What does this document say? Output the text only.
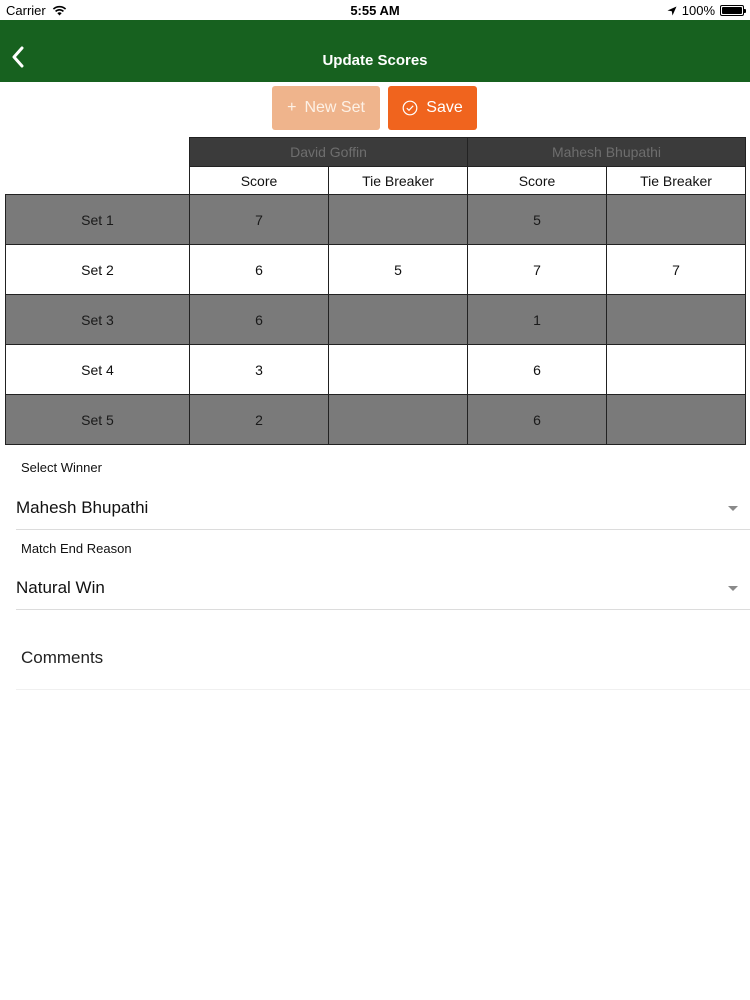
Carrier	5:55 AM	100%
Update Scores
+ New Set	Save
	David Goffin		Mahesh Bhupathi	
	Score	Tie Breaker	Score	Tie Breaker
Set 1	7		5	
Set 2	6	5	7	7
Set 3	6		1	
Set 4	3		6	
Set 5	2		6	
Select Winner
Mahesh Bhupathi
Match End Reason
Natural Win
Comments
